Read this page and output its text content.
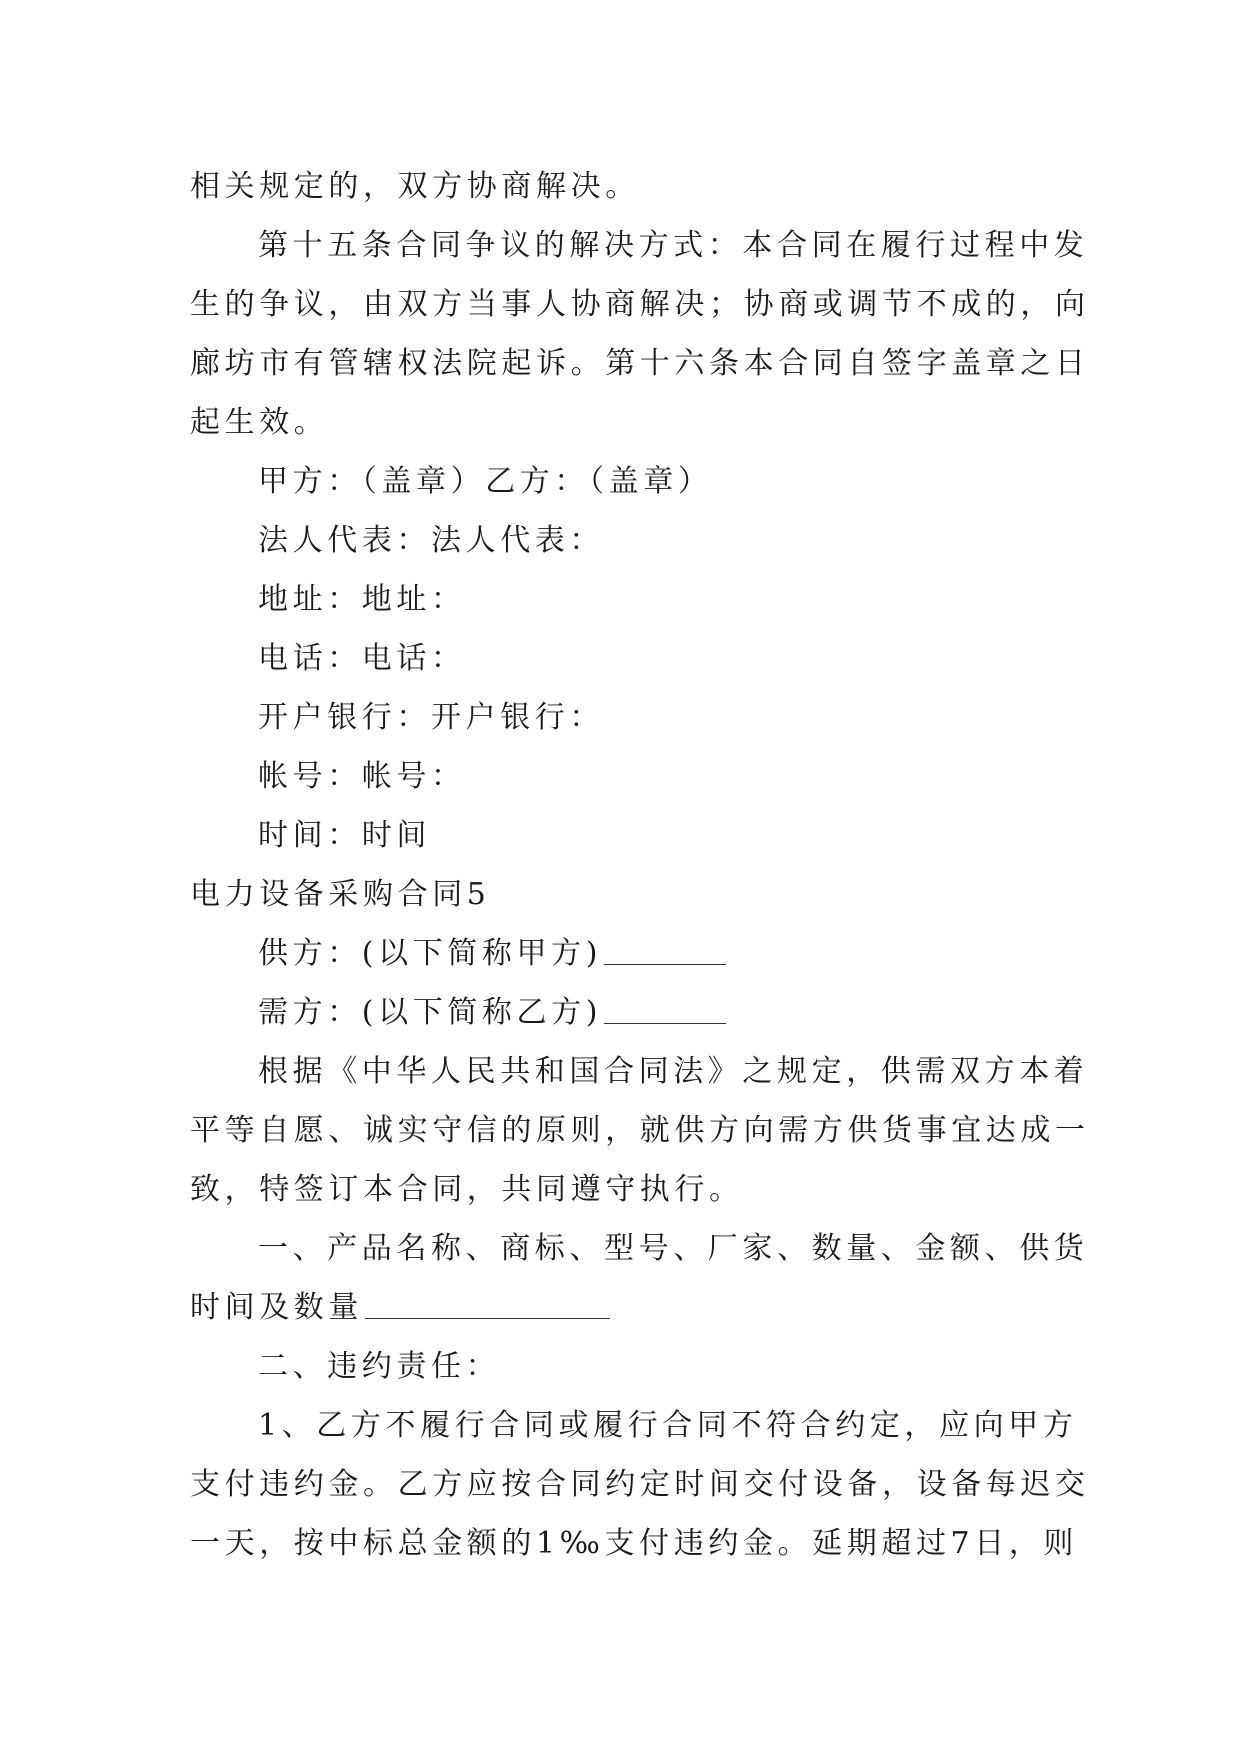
相关规定的，双方协商解决。
第十五条合同争议的解决方式：本合同在履行过程中发
生的争议，由双方当事人协商解决；协商或调节不成的，向
廊坊市有管辖权法院起诉。第十六条本合同自签字盖章之日
起生效。
甲方：（盖章）乙方：（盖章）
法人代表：法人代表：
地址：地址：
电话：电话：
开户银行：开户银行：
帐号：帐号：
时间：时间
电力设备采购合同5
供方：(以下简称甲方)
需方：(以下简称乙方)
根据《中华人民共和国合同法》之规定，供需双方本着
平等自愿、诚实守信的原则，就供方向需方供货事宜达成一
致，特签订本合同，共同遵守执行。
一、产品名称、商标、型号、厂家、数量、金额、供货
时间及数量
二、违约责任：
1、乙方不履行合同或履行合同不符合约定，应向甲方
支付违约金。乙方应按合同约定时间交付设备，设备每迟交
一天，按中标总金额的1‰支付违约金。延期超过7日，则
